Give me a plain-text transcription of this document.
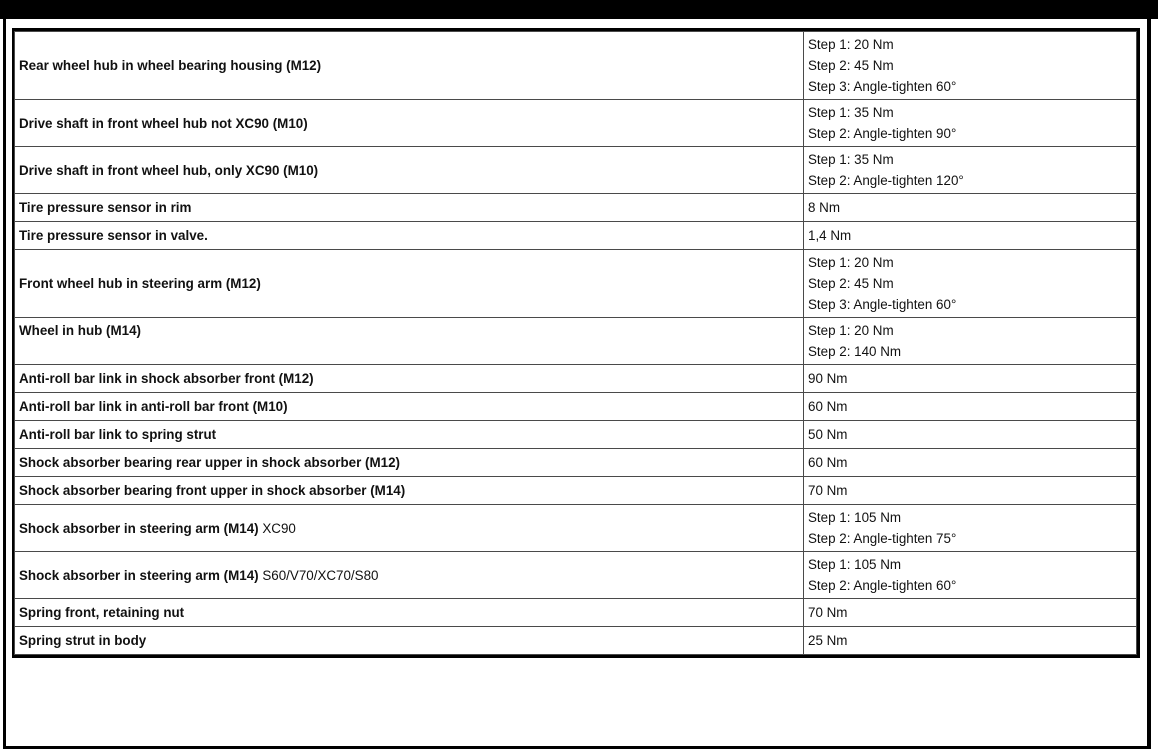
Rear wheel hub in wheel bearing housing (M12)	Step 1: 20 Nm
Step 2: 45 Nm
Step 3: Angle-tighten 60°

Drive shaft in front wheel hub not XC90 (M10)	Step 1: 35 Nm
Step 2: Angle-tighten 90°

Drive shaft in front wheel hub, only XC90 (M10)	Step 1: 35 Nm
Step 2: Angle-tighten 120°

Tire pressure sensor in rim	8 Nm

Tire pressure sensor in valve.	1,4 Nm

Front wheel hub in steering arm (M12)	Step 1: 20 Nm
Step 2: 45 Nm
Step 3: Angle-tighten 60°

Wheel in hub (M14)	Step 1: 20 Nm
Step 2: 140 Nm

Anti-roll bar link in shock absorber front (M12)	90 Nm

Anti-roll bar link in anti-roll bar front (M10)	60 Nm

Anti-roll bar link to spring strut	50 Nm

Shock absorber bearing rear upper in shock absorber (M12)	60 Nm

Shock absorber bearing front upper in shock absorber (M14)	70 Nm

Shock absorber in steering arm (M14) XC90	Step 1: 105 Nm
Step 2: Angle-tighten 75°

Shock absorber in steering arm (M14) S60/V70/XC70/S80	Step 1: 105 Nm
Step 2: Angle-tighten 60°

Spring front, retaining nut	70 Nm

Spring strut in body	25 Nm
